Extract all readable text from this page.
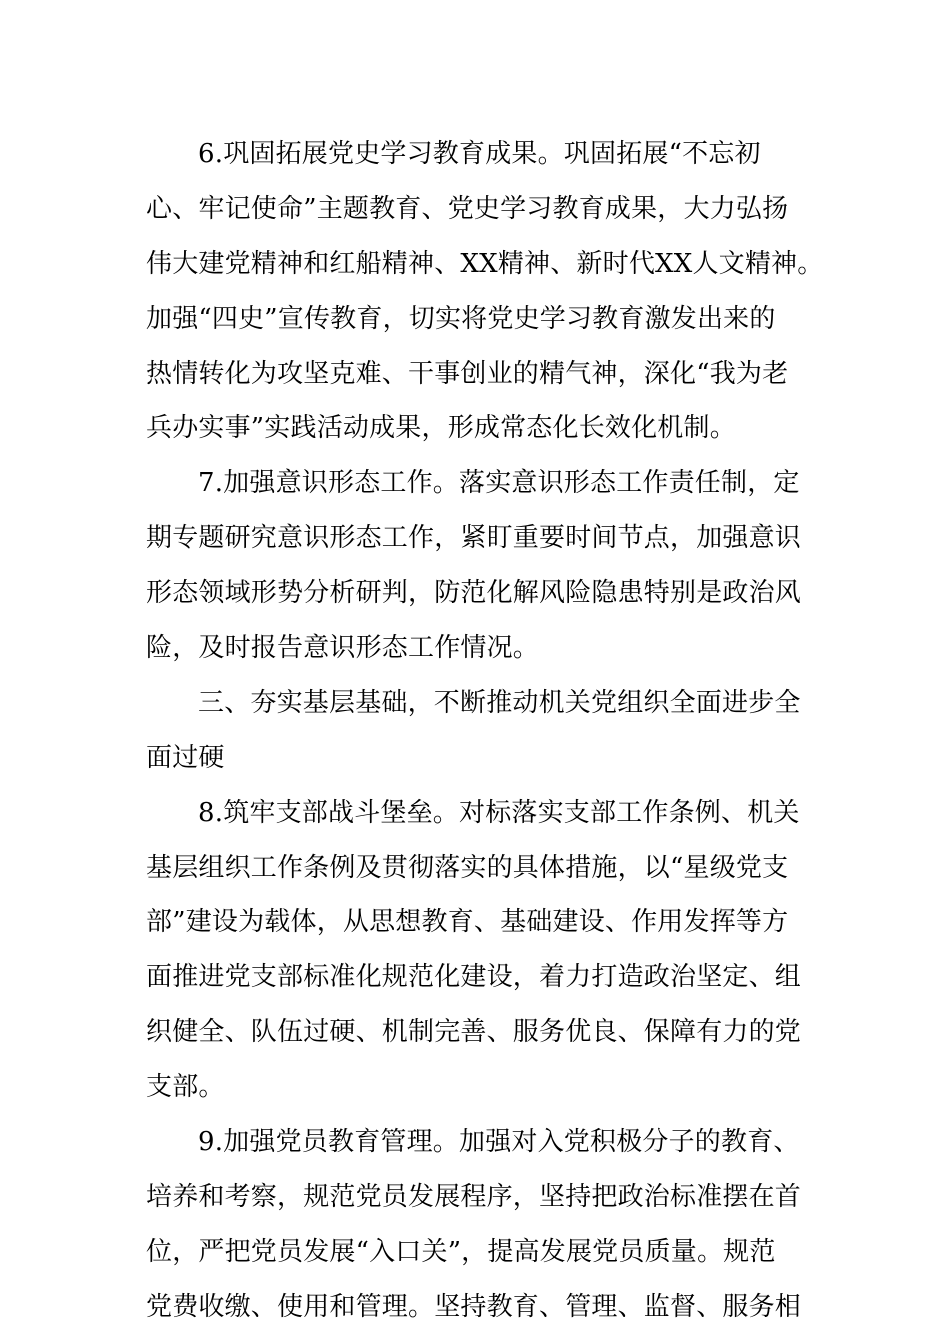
6.巩固拓展党史学习教育成果。巩固拓展“不忘初
心、牢记使命”主题教育、党史学习教育成果，大力弘扬
伟大建党精神和红船精神、XX精神、新时代XX人文精神。
加强“四史”宣传教育，切实将党史学习教育激发出来的
热情转化为攻坚克难、干事创业的精气神，深化“我为老
兵办实事”实践活动成果，形成常态化长效化机制。
7.加强意识形态工作。落实意识形态工作责任制，定
期专题研究意识形态工作，紧盯重要时间节点，加强意识
形态领域形势分析研判，防范化解风险隐患特别是政治风
险，及时报告意识形态工作情况。
三、夯实基层基础，不断推动机关党组织全面进步全
面过硬
8.筑牢支部战斗堡垒。对标落实支部工作条例、机关
基层组织工作条例及贯彻落实的具体措施，以“星级党支
部”建设为载体，从思想教育、基础建设、作用发挥等方
面推进党支部标准化规范化建设，着力打造政治坚定、组
织健全、队伍过硬、机制完善、服务优良、保障有力的党
支部。
9.加强党员教育管理。加强对入党积极分子的教育、
培养和考察，规范党员发展程序，坚持把政治标准摆在首
位，严把党员发展“入口关”，提高发展党员质量。规范
党费收缴、使用和管理。坚持教育、管理、监督、服务相
